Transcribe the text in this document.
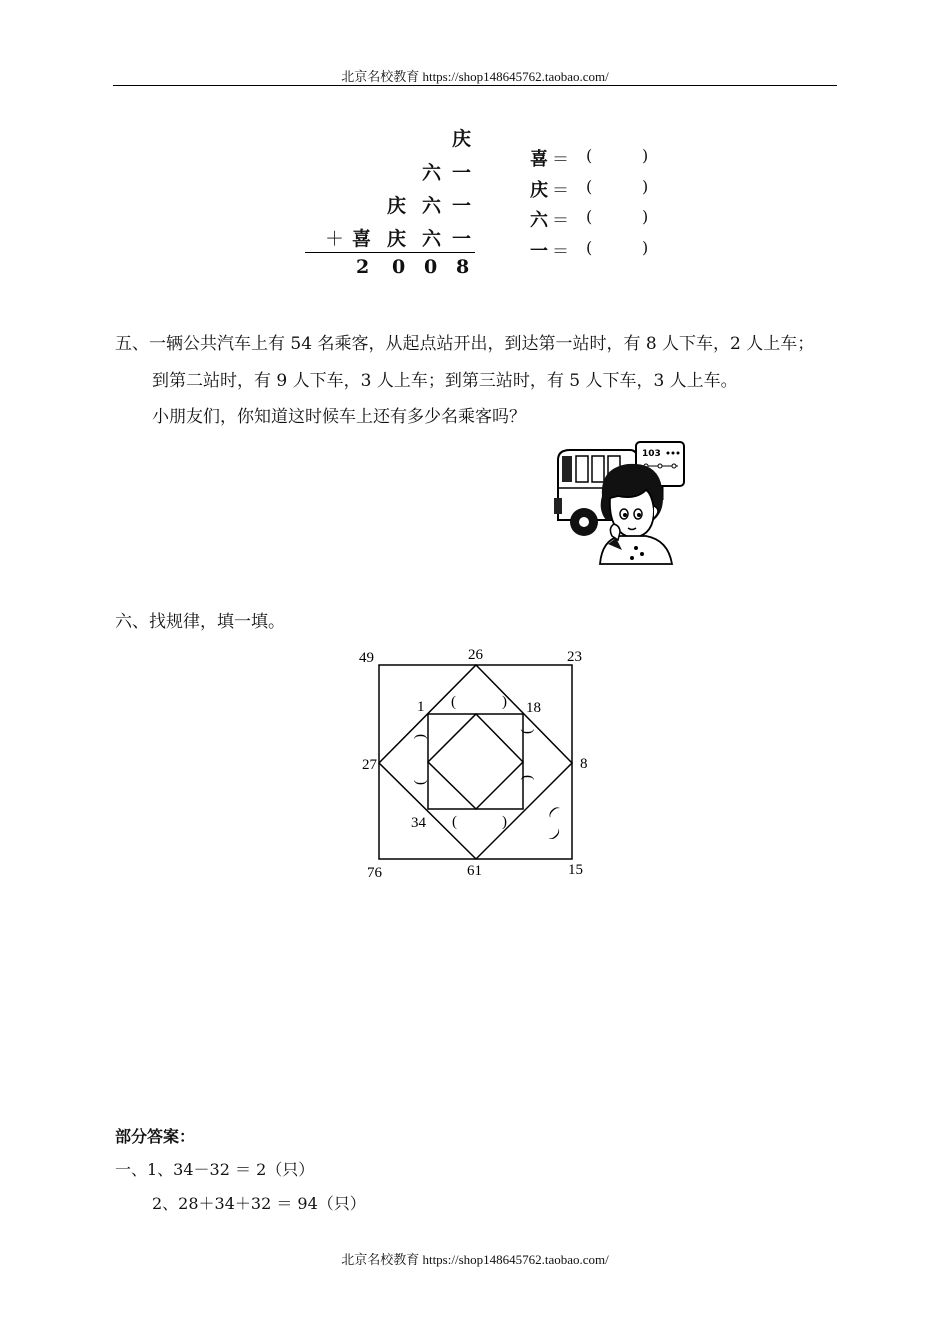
北京名校教育 https://shop148645762.taobao.com/
庆
六 一
庆 六 一
＋ 喜 庆 六 一
2 0 0 8
喜 ＝ (	)
庆 ＝ (	)
六 ＝ (	)
一 ＝ (	)
五、一辆公共汽车上有 54 名乘客，从起点站开出，到达第一站时，有 8 人下车，2 人上车；
到第二站时，有 9 人下车，3 人上车；到第三站时，有 5 人下车，3 人上车。
小朋友们，你知道这时候车上还有多少名乘客吗？
103
六、找规律，填一填。
49	26	23
27	8
76	61	15
1	18
34
(	)
(	)
(
)
(
)
(
)
部分答案：
一、1、34－32 ＝ 2（只）
2、28＋34＋32 ＝ 94（只）
北京名校教育 https://shop148645762.taobao.com/
